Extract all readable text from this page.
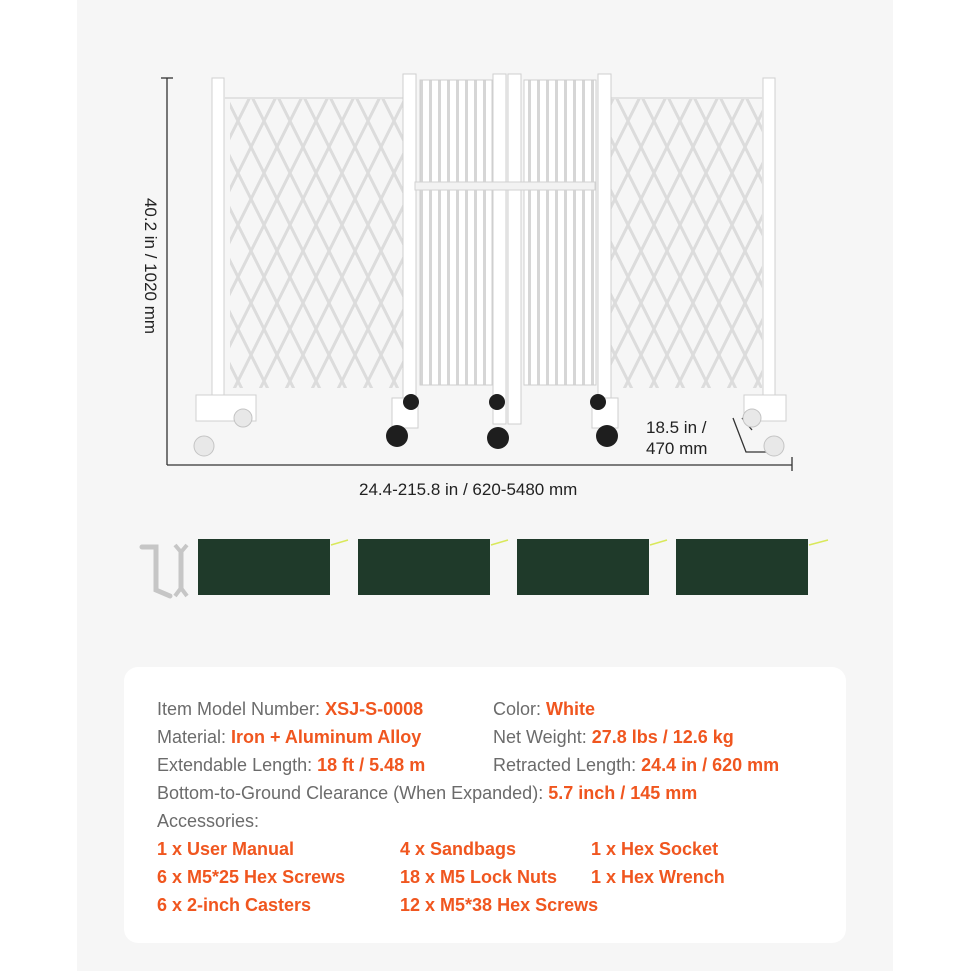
40.2 in / 1020 mm
24.4-215.8 in / 620-5480 mm
18.5 in /
470 mm
Item Model Number: XSJ-S-0008	Color: White
Material: Iron + Aluminum Alloy	Net Weight: 27.8 lbs / 12.6 kg
Extendable Length: 18 ft / 5.48 m	Retracted Length: 24.4 in / 620 mm
Bottom-to-Ground Clearance (When Expanded): 5.7 inch / 145 mm
Accessories:
1 x User Manual	4 x Sandbags	1 x Hex Socket
6 x M5*25 Hex Screws	18 x M5 Lock Nuts 1 x Hex Wrench
6 x 2-inch Casters	12 x M5*38 Hex Screws
